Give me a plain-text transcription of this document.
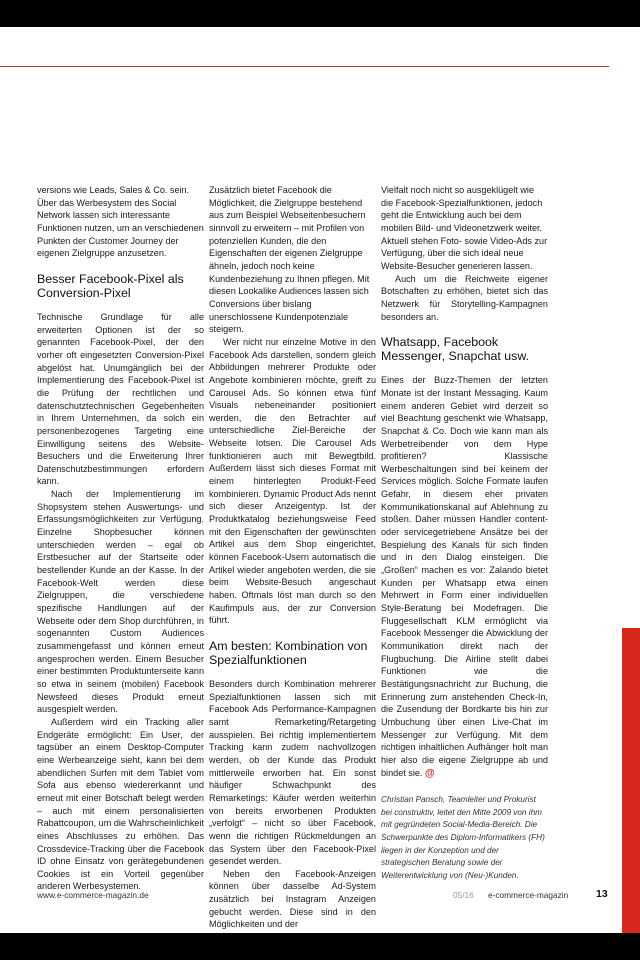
versions wie Leads, Sales & Co. sein. Über das Werbesystem des Social Network lassen sich interessante Funktionen nutzen, um an verschiedenen Punkten der Customer Journey der eigenen Zielgruppe anzusetzen.

Besser Facebook-Pixel als Conversion-Pixel

Technische Grundlage für alle erweiterten Optionen ist der so genannten Facebook-Pixel, der den vorher oft eingesetzten Conversion-Pixel abgelöst hat. Unumgänglich bei der Implementierung des Facebook-Pixel ist die Prüfung der rechtlichen und datenschutztechnischen Gegebenheiten in Ihrem Unternehmen, da solch ein personenbezogenes Targeting eine Einwilligung seitens des Website-Besuchers und die Erweiterung Ihrer Datenschutzbestimmungen erfordern kann.

Nach der Implementierung im Shopsystem stehen Auswertungs- und Erfassungsmöglichkeiten zur Verfügung. Einzelne Shopbesucher können unterschieden werden – egal ob Erstbesucher auf der Startseite oder bestellender Kunde an der Kasse. In der Facebook-Welt werden diese Zielgruppen, die verschiedene spezifische Handlungen auf der Webseite oder dem Shop durchführen, in sogenannten Custom Audiences zusammengefasst und können erneut angesprochen werden. Einem Besucher einer bestimmten Produktunterseite kann so etwa in seinem (mobilen) Facebook Newsfeed dieses Produkt erneut ausgespielt werden.

Außerdem wird ein Tracking aller Endgeräte ermöglicht: Ein User, der tagsüber an einem Desktop-Computer eine Werbeanzeige sieht, kann bei dem abendlichen Surfen mit dem Tablet vom Sofa aus ebenso wiedererkannt und erneut mit einer Botschaft belegt werden – auch mit einem personalisierten Rabattcoupon, um die Wahrscheinlichkeit eines Abschlusses zu erhöhen. Das Crossdevice-Tracking über die Facebook ID ohne Einsatz von gerätegebundenen Cookies ist ein Vorteil gegenüber anderen Werbesystemen.

Zusätzlich bietet Facebook die Möglichkeit, die Zielgruppe bestehend aus zum Beispiel Webseitenbesuchern sinnvoll zu erweitern – mit Profilen von potenziellen Kunden, die den Eigenschaften der eigenen Zielgruppe ähneln, jedoch noch keine Kundenbeziehung zu Ihnen pflegen. Mit diesen Lookalike Audiences lassen sich Conversions über bislang unerschlossene Kundenpotenziale steigern.

Wer nicht nur einzelne Motive in den Facebook Ads darstellen, sondern gleich Abbildungen mehrerer Produkte oder Angebote kombinieren möchte, greift zu Carousel Ads. So können etwa fünf Visuals nebeneinander positioniert werden, die den Betrachter auf unterschiedliche Ziel-Bereiche der Webseite lotsen. Die Carousel Ads funktionieren auch mit Bewegtbild. Außerdem lässt sich dieses Format mit einem hinterlegten Produkt-Feed kombinieren. Dynamic Product Ads nennt sich dieser Anzeigentyp. Ist der Produktkatalog beziehungsweise Feed mit den Eigenschaften der gewünschten Artikel aus dem Shop eingerichtet, können Facebook-Usern automatisch die Artikel wieder angeboten werden, die sie beim Website-Besuch angeschaut haben. Oftmals löst man durch so den Kaufimpuls aus, der zur Conversion führt.

Am besten: Kombination von Spezialfunktionen

Besonders durch Kombination mehrerer Spezialfunktionen lassen sich mit Facebook Ads Performance-Kampagnen samt Remarketing/Retargeting ausspielen. Bei richtig implementiertem Tracking kann zudem nachvollzogen werden, ob der Kunde das Produkt mittlerweile erworben hat. Ein sonst häufiger Schwachpunkt des Remarketings: Käufer werden weiterhin von bereits erworbenen Produkten „verfolgt“ – nicht so über Facebook, wenn die richtigen Rückmeldungen an das System über den Facebook-Pixel gesendet werden.

Neben den Facebook-Anzeigen können über dasselbe Ad-System zusätzlich bei Instagram Anzeigen gebucht werden. Diese sind in den Möglichkeiten und der

Vielfalt noch nicht so ausgeklügelt wie die Facebook-Spezialfunktionen, jedoch geht die Entwicklung auch bei dem mobilen Bild- und Videonetzwerk weiter. Aktuell stehen Foto- sowie Video-Ads zur Verfügung, über die sich ideal neue Website-Besucher generieren lassen.

Auch um die Reichweite eigener Botschaften zu erhöhen, bietet sich das Netzwerk für Storytelling-Kampagnen besonders an.

Whatsapp, Facebook Messenger, Snapchat usw.

Eines der Buzz-Themen der letzten Monate ist der Instant Messaging. Kaum einem anderen Gebiet wird derzeit so viel Beachtung geschenkt wie Whatsapp, Snapchat & Co. Doch wie kann man als Werbetreibender von dem Hype profitieren? Klassische Werbeschaltungen sind bei keinem der Services möglich. Solche Formate laufen Gefahr, in diesem eher privaten Kommunikationskanal auf Ablehnung zu stoßen. Daher müssen Handler content- oder servicegetriebene Ansätze bei der Bespielung des Kanals für sich finden und in den Dialog einsteigen. Die „Großen“ machen es vor: Zalando bietet Kunden per Whatsapp etwa einen Mehrwert in Form einer individuellen Style-Beratung bei Modefragen. Die Fluggesellschaft KLM ermöglicht via Facebook Messenger die Abwicklung der Kommunikation direkt nach der Flugbuchung. Die Airline stellt dabei Funktionen wie die Bestätigungsnachricht zur Buchung, die Erinnerung zum anstehenden Check-In, die Zusendung der Bordkarte bis hin zur Umbuchung über einen Live-Chat im Messenger zur Verfügung. Mit dem richtigen inhaltlichen Aufhänger holt man hier also die eigene Zielgruppe ab und bindet sie. @

Christian Pansch, Teamleiter und Prokurist bei construktiv, leitet den Mitte 2009 von ihm mit gegründeten Social-Media-Bereich. Die Schwerpunkte des Diplom-Informatikers (FH) liegen in der Konzeption und der strategischen Beratung sowie der Weiterentwicklung von (Neu-)Kunden.

www.e-commerce-magazin.de	05/16 e-commerce-magazin	13
